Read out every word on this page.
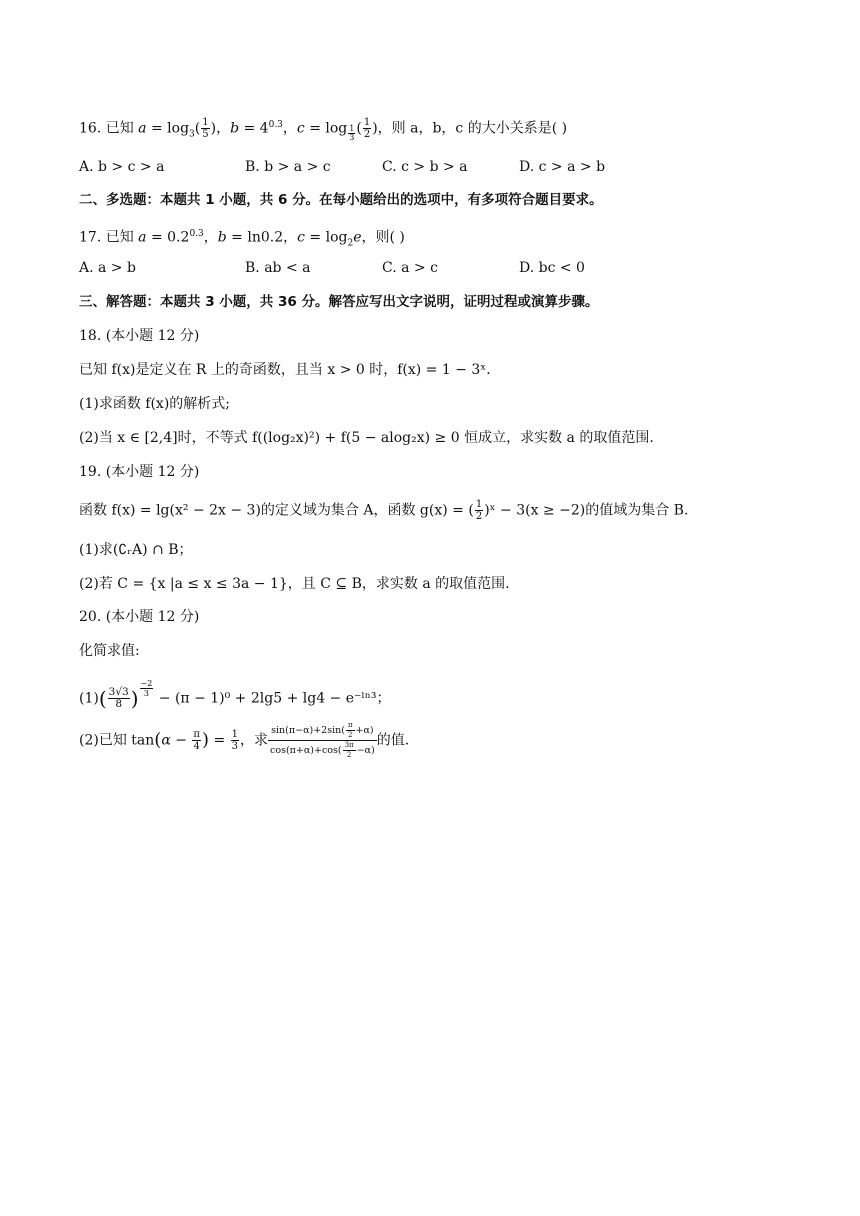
16. 已知 $a = \log_3( \frac{1}{5}$ )，$b = 4^{0.3}$，c = log $_{\frac{1}{3}}$ ( $\frac{1}{2}$ )，则 a，b，c 的大小关系是( )
A. b > c > a	B. b > a > c	C. c > b > a	D. c > a > b
二、多选题：本题共 1 小题，共 6 分。在每小题给出的选项中，有多项符合题目要求。
17. 已知 $a = 0.2^{0.3}$，b = ln0.2，$c = \log_2e$，则( )
A. a > b	B. ab < a	C. a > c	D. bc < 0
三、解答题：本题共 3 小题，共 36 分。解答应写出文字说明，证明过程或演算步骤。
18. (本小题 12 分)
已知 f(x)是定义在 R 上的奇函数，且当 x > 0 时，f(x) = 1 − 3ˣ.
(1)求函数 f(x)的解析式;
(2)当 x ∈ [2,4]时，不等式 f((log₂x)²) + f(5 − alog₂x) ≥ 0 恒成立，求实数 a 的取值范围.
19. (本小题 12 分)
函数 f(x) = lg(x² − 2x − 3)的定义域为集合 A，函数 g(x) = ( $\frac{1}{2}$ )ˣ − 3(x ≥ −2)的值域为集合 B.
(1)求(∁ᵣA) ∩ B；
(2)若 C = {x |a ≤ x ≤ 3a − 1}，且 C ⊆ B，求实数 a 的取值范围.
20. (本小题 12 分)
化简求值:
$(1)( \frac{3√3}{8}$ ) $^{\frac{-2}{3}}$
− (π − 1)⁰ + 2lg5 + lg4 − e⁻ˡⁿ³；
(2)已知 $\tan(\alpha - \frac{\pi}{4}$ ) = $\frac{1}{3}$ ，求 $\frac{\sin(\pi-\alpha)+2\sin( \frac{\pi}{2} +\alpha)}{\cos(\pi+\alpha)+\cos( \frac{3\pi}{2} -\alpha)}$ 的值.
